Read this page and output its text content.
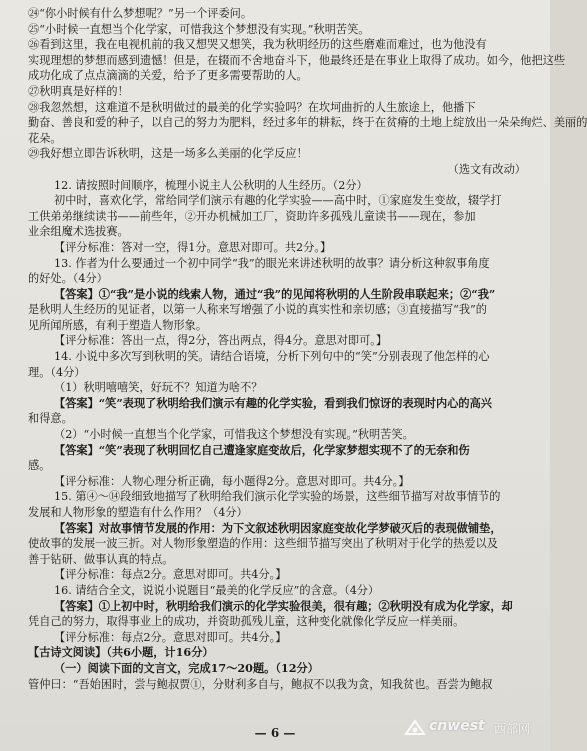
㉔“你小时候有什么梦想呢？”另一个评委问。
㉕“小时候一直想当个化学家，可惜我这个梦想没有实现。”秋明苦笑。
㉖看到这里，我在电视机前的我又想哭又想笑，我为秋明经历的这些磨难而难过，也为他没有
实现理想的梦想而感到遗憾！但是，在辍而不舍地奋斗下，他最终还是在事业上取得了成功。如今，他把这些
成功化成了点点滴滴的关爱，给予了更多需要帮助的人。
㉗秋明真是好样的！
㉘我忽然想，这难道不是秋明做过的最美的化学实验吗？在坎坷曲折的人生旅途上，他播下
勤奋、善良和爱的种子，以自己的努力为肥料，经过多年的耕耘，终于在贫瘠的土地上绽放出一朵朵绚烂、美丽的
花朵。
㉙我好想立即告诉秋明，这是一场多么美丽的化学反应！
（选文有改动）
12. 请按照时间顺序，梳理小说主人公秋明的人生经历。（2分）
初中时，喜欢化学，常给同学们演示有趣的化学实验——高中时，①家庭发生变故，辍学打
工供弟弟继续读书——前些年，②开办机械加工厂，资助许多孤残儿童读书——现在，参加
业余组魔术选拔赛。
【评分标准：答对一空，得1分。意思对即可。共2分。】
13. 作者为什么要通过一个初中同学“我”的眼光来讲述秋明的故事？请分析这种叙事角度
的好处。（4分）
【答案】①“我”是小说的线索人物，通过“我”的见闻将秋明的人生阶段串联起来；②“我”
是秋明人生经历的见证者，以第一人称来写增强了小说的真实性和亲切感；③直接描写“我”的
见所闻所感，有利于塑造人物形象。
【评分标准：答出一点，得2分，答出两点，得4分。意思对即可。】
14. 小说中多次写到秋明的笑。请结合语境，分析下列句中的“笑”分别表现了他怎样的心
理。（4分）
（1）秋明嘻嘻笑，好玩不？知道为啥不？
【答案】“笑”表现了秋明给我们演示有趣的化学实验，看到我们惊讶的表现时内心的高兴
和得意。
（2）“小时候一直想当个化学家，可惜我这个梦想没有实现。”秋明苦笑。
【答案】“笑”表现了秋明回忆自己遭逢家庭变故后，化学家梦想实现不了的无奈和伤
感。
【评分标准：人物心理分析正确，每小题得2分。意思对即可。共4分。】
15. 第④～⑭段细致地描写了秋明给我们演示化学实验的场景，这些细节描写对故事情节的
发展和人物形象的塑造有什么作用？（4分）
【答案】对故事情节发展的作用：为下文叙述秋明因家庭变故化学梦破灭后的表现做铺垫，
使故事的发展一波三折。对人物形象塑造的作用：这些细节描写突出了秋明对于化学的热爱以及
善于钻研、做事认真的特点。
【评分标准：每点2分。意思对即可。共4分。】
16. 请结合全文，说说小说题目“最美的化学反应”的含意。（4分）
【答案】①上初中时，秋明给我们演示的化学实验很美，很有趣；②秋明没有成为化学家，却
凭自己的努力，取得事业上的成功，并资助孤残儿童，这种变化就像化学反应一样美丽。
【评分标准：每点2分。意思对即可。共4分。】
【古诗文阅读】（共6小题，计16分）
（一）阅读下面的文言文，完成17～20题。（12分）
管仲曰：“吾始困时，尝与鲍叔贾①，分财利多自与，鲍叔不以我为贪，知我贫也。吾尝为鲍叔
— 6 —	cnwest 西部网
